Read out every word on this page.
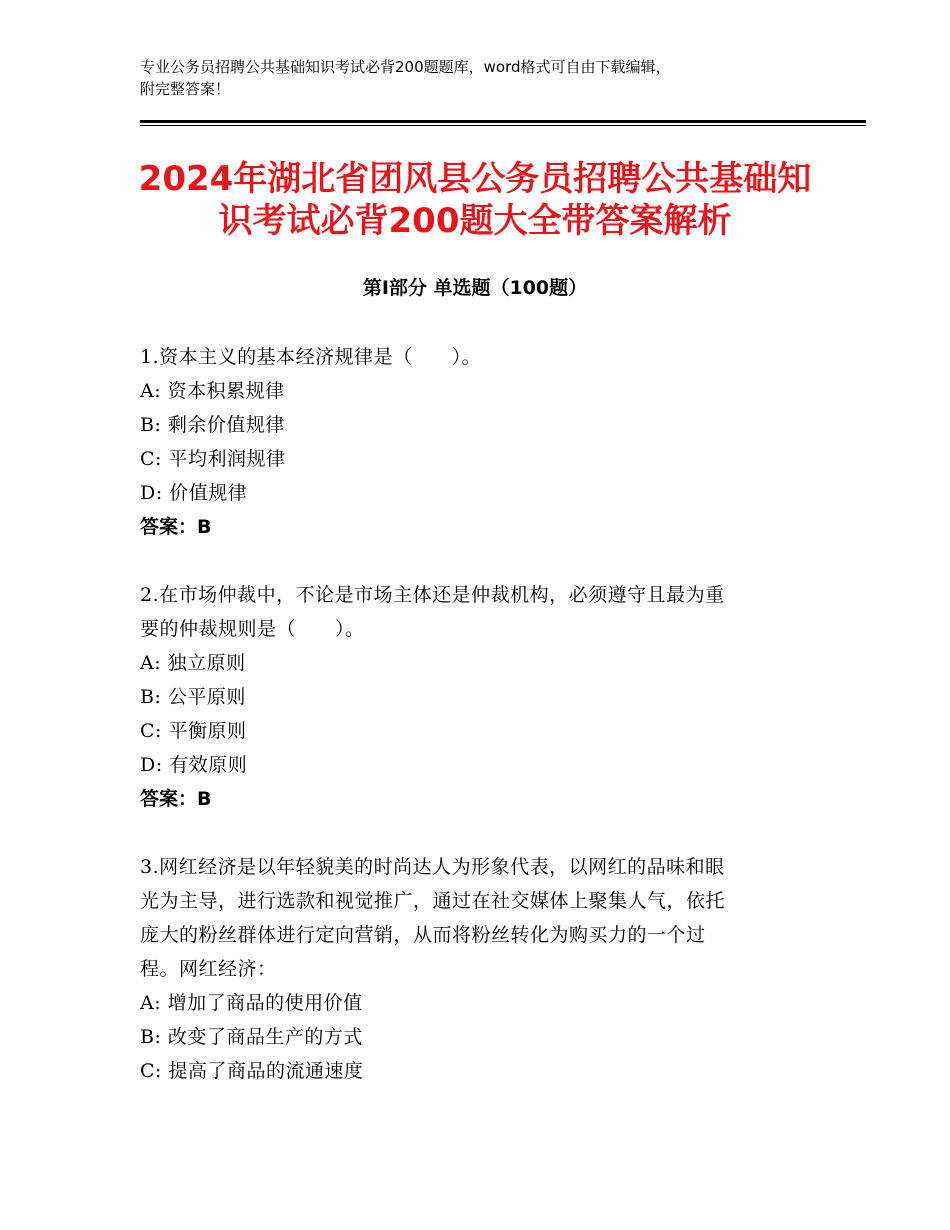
专业公务员招聘公共基础知识考试必背200题题库，word格式可自由下载编辑，
附完整答案！
2024年湖北省团风县公务员招聘公共基础知
识考试必背200题大全带答案解析
第I部分 单选题（100题）
1.资本主义的基本经济规律是（　　）。
A: 资本积累规律
B: 剩余价值规律
C: 平均利润规律
D: 价值规律
答案：B
2.在市场仲裁中，不论是市场主体还是仲裁机构，必须遵守且最为重
要的仲裁规则是（　　）。
A: 独立原则
B: 公平原则
C: 平衡原则
D: 有效原则
答案：B
3.网红经济是以年轻貌美的时尚达人为形象代表，以网红的品味和眼
光为主导，进行选款和视觉推广，通过在社交媒体上聚集人气，依托
庞大的粉丝群体进行定向营销，从而将粉丝转化为购买力的一个过
程。网红经济：
A: 增加了商品的使用价值
B: 改变了商品生产的方式
C: 提高了商品的流通速度
